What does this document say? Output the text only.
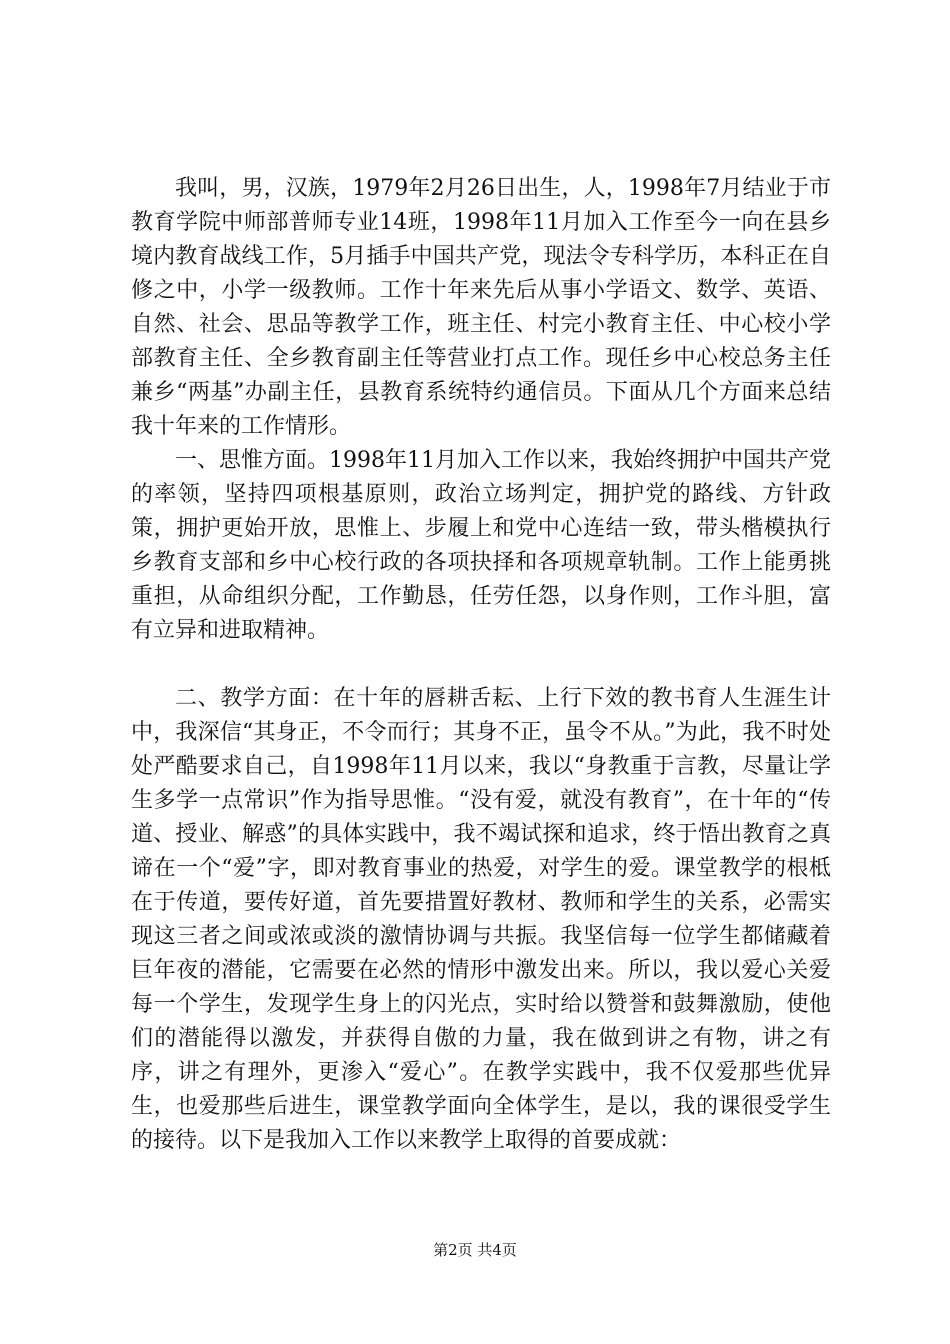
我叫，男，汉族，1979年2月26日出生，人，1998年7月结业于市教育学院中师部普师专业14班，1998年11月加入工作至今一向在县乡境内教育战线工作，5月插手中国共产党，现法令专科学历，本科正在自修之中，小学一级教师。工作十年来先后从事小学语文、数学、英语、自然、社会、思品等教学工作，班主任、村完小教育主任、中心校小学部教育主任、全乡教育副主任等营业打点工作。现任乡中心校总务主任兼乡“两基”办副主任，县教育系统特约通信员。下面从几个方面来总结我十年来的工作情形。

一、思惟方面。1998年11月加入工作以来，我始终拥护中国共产党的率领，坚持四项根基原则，政治立场判定，拥护党的路线、方针政策，拥护更始开放，思惟上、步履上和党中心连结一致，带头楷模执行乡教育支部和乡中心校行政的各项抉择和各项规章轨制。工作上能勇挑重担，从命组织分配，工作勤恳，任劳任怨，以身作则，工作斗胆，富有立异和进取精神。

二、教学方面：在十年的唇耕舌耘、上行下效的教书育人生涯生计中，我深信“其身正，不令而行；其身不正，虽令不从。”为此，我不时处处严酷要求自己，自1998年11月以来，我以“身教重于言教，尽量让学生多学一点常识”作为指导思惟。“没有爱，就没有教育”，在十年的“传道、授业、解惑”的具体实践中，我不竭试探和追求，终于悟出教育之真谛在一个“爱”字，即对教育事业的热爱，对学生的爱。课堂教学的根柢在于传道，要传好道，首先要措置好教材、教师和学生的关系，必需实现这三者之间或浓或淡的激情协调与共振。我坚信每一位学生都储藏着巨年夜的潜能，它需要在必然的情形中激发出来。所以，我以爱心关爱每一个学生，发现学生身上的闪光点，实时给以赞誉和鼓舞激励，使他们的潜能得以激发，并获得自傲的力量，我在做到讲之有物，讲之有序，讲之有理外，更渗入“爱心”。在教学实践中，我不仅爱那些优异生，也爱那些后进生，课堂教学面向全体学生，是以，我的课很受学生的接待。以下是我加入工作以来教学上取得的首要成就：

第2页 共4页
